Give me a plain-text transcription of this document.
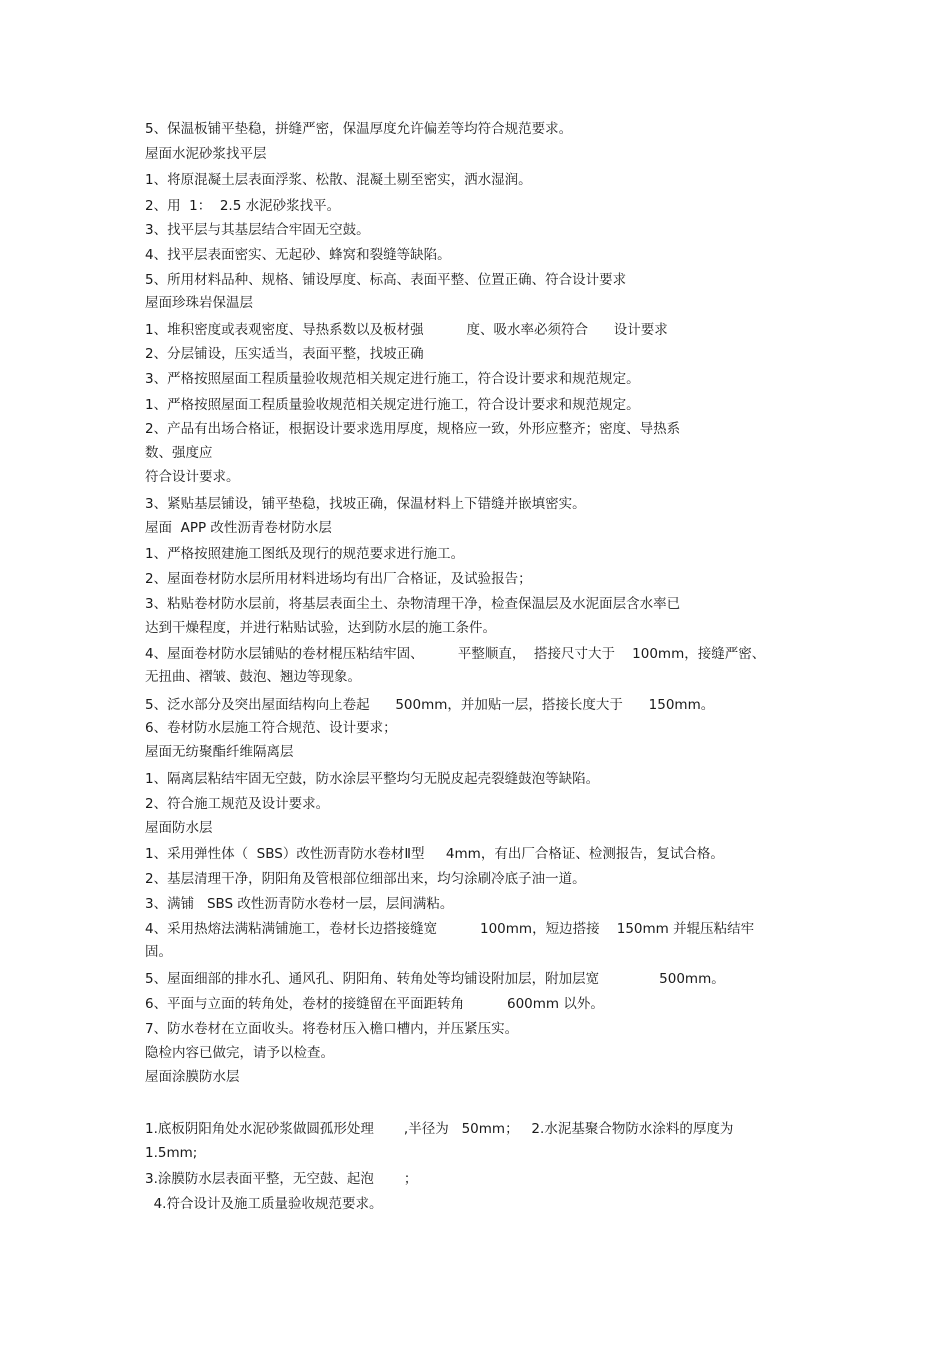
5、保温板铺平垫稳，拼缝严密，保温厚度允许偏差等均符合规范要求。

屋面水泥砂浆找平层

1、将原混凝土层表面浮浆、松散、混凝土剔至密实，洒水湿润。

2、用  1：  2.5 水泥砂浆找平。

3、找平层与其基层结合牢固无空鼓。

4、找平层表面密实、无起砂、蜂窝和裂缝等缺陷。

5、所用材料品种、规格、铺设厚度、标高、表面平整、位置正确、符合设计要求

屋面珍珠岩保温层

1、堆积密度或表观密度、导热系数以及板材强          度、吸水率必须符合      设计要求

2、分层铺设，压实适当，表面平整，找坡正确

3、严格按照屋面工程质量验收规范相关规定进行施工，符合设计要求和规范规定。

1、严格按照屋面工程质量验收规范相关规定进行施工，符合设计要求和规范规定。

2、产品有出场合格证，根据设计要求选用厚度，规格应一致，外形应整齐；密度、导热系

数、强度应

符合设计要求。

3、紧贴基层铺设，铺平垫稳，找坡正确，保温材料上下错缝并嵌填密实。

屋面  APP 改性沥青卷材防水层

1、严格按照建施工图纸及现行的规范要求进行施工。

2、屋面卷材防水层所用材料进场均有出厂合格证，及试验报告；

3、粘贴卷材防水层前，将基层表面尘土、杂物清理干净，检查保温层及水泥面层含水率已

达到干燥程度，并进行粘贴试验，达到防水层的施工条件。

4、屋面卷材防水层铺贴的卷材棍压粘结牢固、        平整顺直，  搭接尺寸大于    100mm，接缝严密、

无扭曲、褶皱、鼓泡、翘边等现象。

5、泛水部分及突出屋面结构向上卷起      500mm，并加贴一层，搭接长度大于      150mm。

6、卷材防水层施工符合规范、设计要求；

屋面无纺聚酯纤维隔离层

1、隔离层粘结牢固无空鼓，防水涂层平整均匀无脱皮起壳裂缝鼓泡等缺陷。

2、符合施工规范及设计要求。

屋面防水层

1、采用弹性体（  SBS）改性沥青防水卷材Ⅱ型     4mm，有出厂合格证、检测报告，复试合格。

2、基层清理干净，阴阳角及管根部位细部出来，均匀涂刷冷底子油一道。

3、满铺   SBS 改性沥青防水卷材一层，层间满粘。

4、采用热熔法满粘满铺施工，卷材长边搭接缝宽          100mm，短边搭接    150mm 并辊压粘结牢

固。

5、屋面细部的排水孔、通风孔、阴阳角、转角处等均铺设附加层，附加层宽              500mm。

6、平面与立面的转角处，卷材的接缝留在平面距转角          600mm 以外。

7、防水卷材在立面收头。将卷材压入檐口槽内，并压紧压实。

隐检内容已做完，请予以检查。

屋面涂膜防水层

1.底板阴阳角处水泥砂浆做圆孤形处理       ,半径为   50mm；   2.水泥基聚合物防水涂料的厚度为

1.5mm;

3.涂膜防水层表面平整，无空鼓、起泡       ；

4.符合设计及施工质量验收规范要求。
